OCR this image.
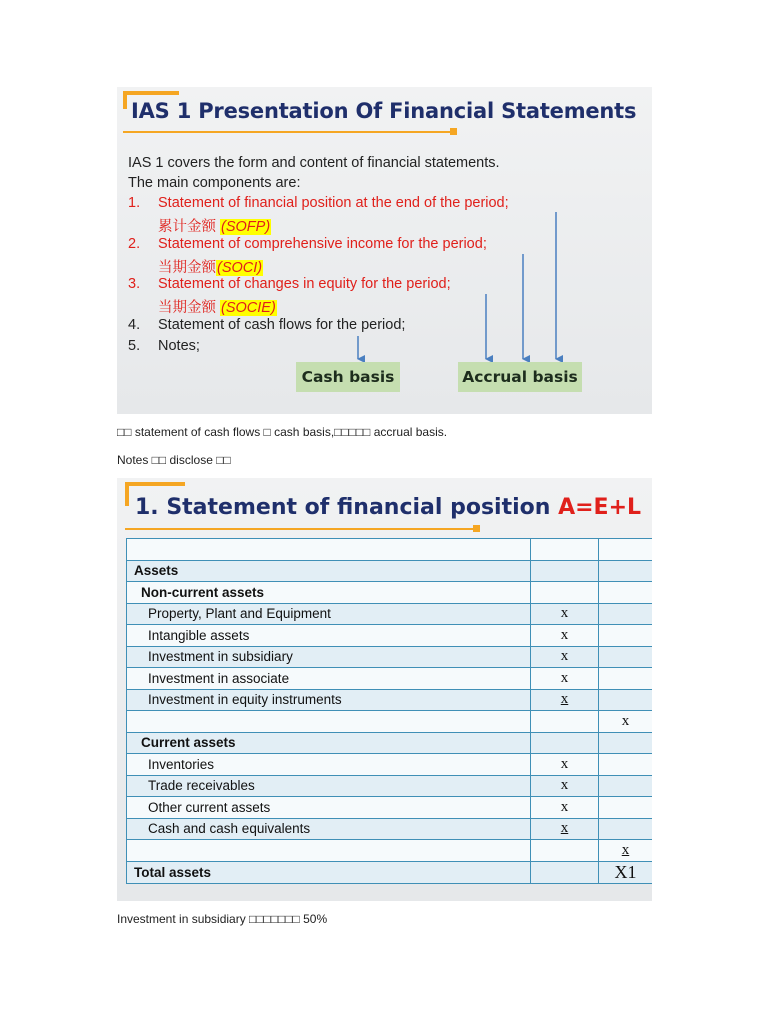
IAS 1 Presentation Of Financial Statements
IAS 1 covers the form and content of financial statements.
The main components are:
1. Statement of financial position at the end of the period;
累计金额 (SOFP)
2. Statement of comprehensive income for the period;
当期金额(SOCI)
3. Statement of changes in equity for the period;
当期金额 (SOCIE)
4. Statement of cash flows for the period;
5. Notes;
Cash basis	Accrual basis
□□ statement of cash flows □ cash basis,□□□□□ accrual basis.
Notes □□ disclose □□
1. Statement of financial position A=E+L

Assets		
Non-current assets		
Property, Plant and Equipment	x	
Intangible assets	x	
Investment in subsidiary	x	
Investment in associate	x	
Investment in equity instruments	x	
		x
Current assets		
Inventories	x	
Trade receivables	x	
Other current assets	x	
Cash and cash equivalents	x	
		x
Total assets		X1
Investment in subsidiary □□□□□□□ 50%
